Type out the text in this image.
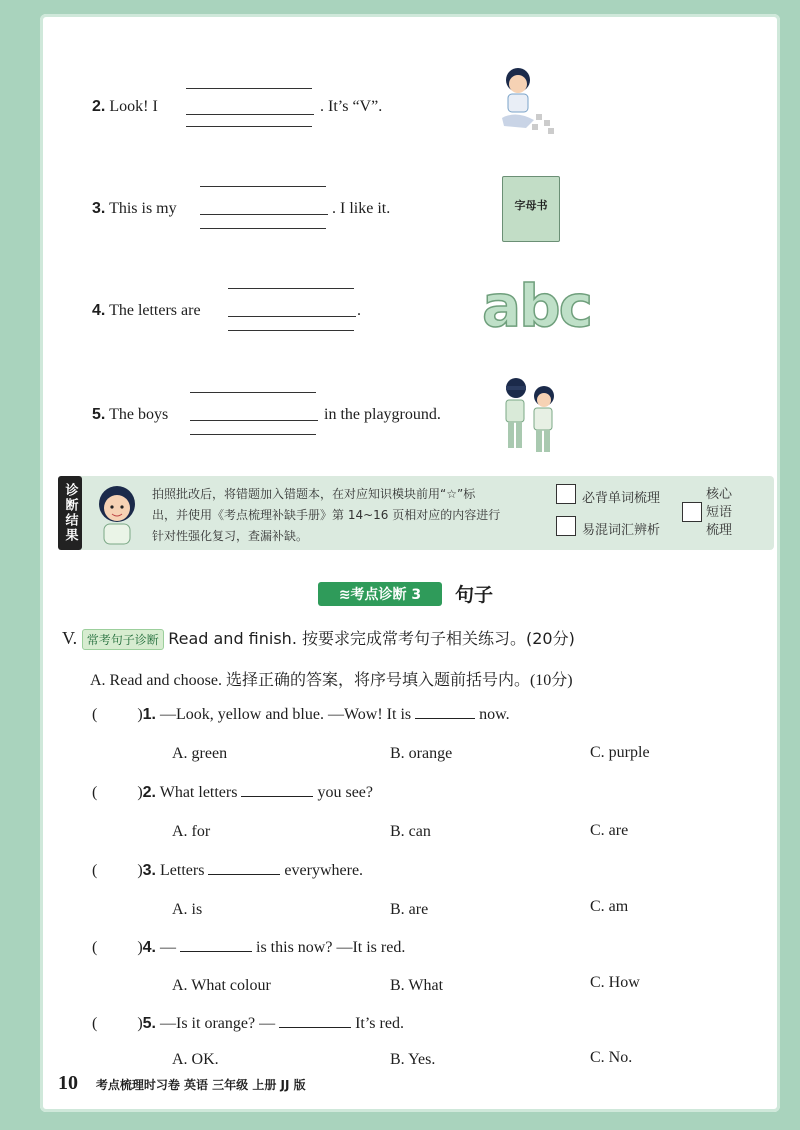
2. Look! I	. It’s “V”.
3. This is my	. I like it.	字母书
4. The letters are	. abc
5. The boys	in the playground.
诊断结果	拍照批改后，将错题加入错题本，在对应知识模块前用“☆”标
出，并使用《考点梳理补缺手册》第 14~16 页相对应的内容进行
针对性强化复习，查漏补缺。
必背单词梳理
易混词汇辨析
核心短语梳理
≋考点诊断 3	句子
V. 常考句子诊断 Read and finish. 按要求完成常考句子相关练习。(20分)
A. Read and choose. 选择正确的答案，将序号填入题前括号内。(10分)
(	)1. —Look, yellow and blue. —Wow! It is	now.
A. green	B. orange	C. purple
(	)2. What letters	you see?
A. for	B. can	C. are
(	)3. Letters	everywhere.
A. is	B. are	C. am
(	)4. —	is this now? —It is red.
A. What colour	B. What	C. How
(	)5. —Is it orange? —	It’s red.
A. OK.	B. Yes.	C. No.
10 考点梳理时习卷 英语 三年级 上册 JJ 版
